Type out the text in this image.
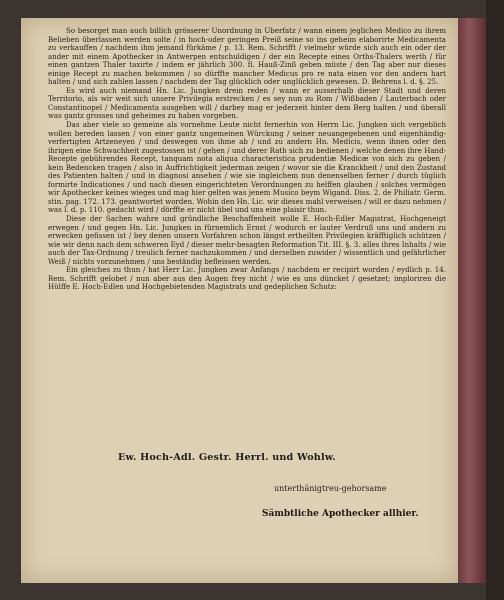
So besorget man auch billich grösserer Unordnung in Uberfatz / wann einem jeglichen Medico zu ihrem Belieben überlassen werden solte / in hoch-oder geringen Preiß seine so ins geheim elaborirte Medicamenta zu verkauffen / nachdem ihm jemand fürkäme / p. 13. Rem. Schrifft / vielmehr würde sich auch ein oder der ander mit einem Apothecker in Antwerpen entschuldigen / der ein Recepte eines Orths-Thalers werth / für einen gantzen Thaler taxirte / indem er jährlich 300. fl. Hauß-Zinß geben müste / den Tag aber nur dieses einige Recept zu machen bekommen / so dürffte mancher Medicus pro re nata einen vor den andern hart halten / und sich zahlen lassen / nachdem der Tag glücklich oder unglücklich gewesen. D. Behrens l. d. §. 25.

Es wird auch niemand Hn. Lic. Jungken drein reden / wann er ausserhalb dieser Stadt und deren Territorio, als wir weit sich unsere Privilegia erstrecken / es sey nun zu Rom / Wißbaden / Lauterbach oder Constantinopel / Medicamenta ausgeben will / darbey mag er jederzeit hinter dem Berg halten / und überall was gantz grosses und geheimes zu haben vorgeben.

Das aber viele so gemeine als vornehme Leute nicht fernerhin von Herrn Lic. Jungken sich vergeblich wollen bereden lassen / von einer gantz ungemeinen Würckung / seiner neuangegebenen und eigenhändig-verfertigten Artzeneyen / und deswegen von ihme ab / und zu andern Hn. Medicis, wenn ihnen oder den ihrigen eine Schwachheit zugestossen ist / gehen / und derer Rath sich zu bedienen / welche denen ihre Hand-Recepte gebührendes Recept, tanquam nota aliqua characteristica prudentiæ Medicæ von sich zu geben / kein Bedencken tragen / also in Auffrichtigkeit jederman zeigen / wovor sie die Kranckheit / und den Zustand des Patienten halten / und in diagnosi ansehen / wie sie ingleichem nun denenselben ferner / durch tüglich formirte Indicationes / und nach diesen eingerichteten Verordnungen zu helffen glauben / solches vermögen wir Apothecker keines wieges und mag hier gelten was jenem Musico beym Wigand. Diss. 2. de Philiatr. Germ. stin. pag. 172. 173. geantwortet worden. Wohin den Hn. Lic. wir dieses mahl verweisen / will er dazu nehmen / was l. d. p. 110. gedacht wird / dörffte er nicht übel und uns eine plaisir thun.

Diese der Sachen wahre und gründliche Beschaffenheit wolle E. Hoch-Edler Magistrat, Hochgeneigt erwegen / und gegen Hn. Lic. Jungken in fürnemlich Ernst / wodurch er lauter Verdruß uns und andern zu erwecken gefissen ist / bey denen unsern Vorfahren schon längst ertheilten Privilegien kräfftiglich schützen / wie wir denn nach dem schweren Eyd / dieser mehr-besagten Reformation Tit. III. §. 3. alles ihres Inhalts / wie auch der Tax-Ordnung / treulich ferner nachzukommen / und derselben zuwider / wissentlich und gefährlicher Weiß / nichts vorzunehmen / uns beständig befleissen werden.

Ein gleiches zu thun / hat Herr Lic. Jungken zwar Anfangs / nachdem er recipirt worden / eydlich p. 14. Rem. Schrifft gelobet / nun aber aus den Augen frey nicht / wie es uns düncket / gesetzet; imploriren die Hülffe E. Hoch-Edlen und Hochgebietenden Magistrats und gedeplichen Schutz:

Ew. Hoch-Adl. Gestr. Herrl. und Wohlw.
unterthänigtreu-gehorsame
Sämbtliche Apothecker allhier.
